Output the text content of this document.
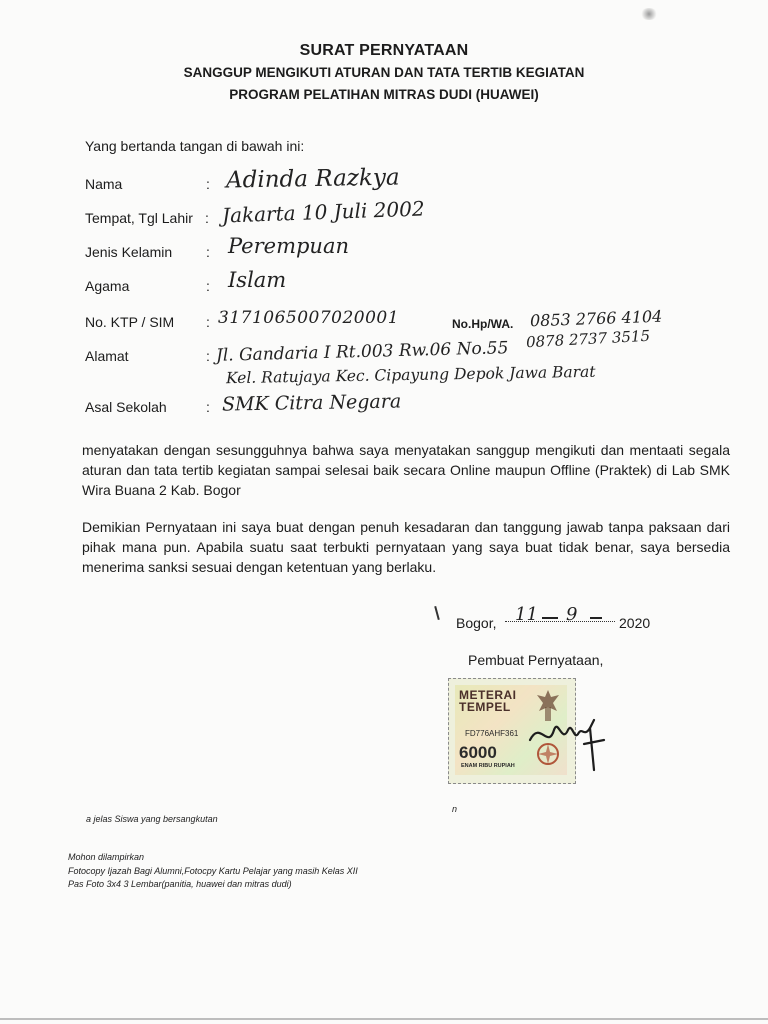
SURAT PERNYATAAN
SANGGUP MENGIKUTI ATURAN DAN TATA TERTIB KEGIATAN
PROGRAM PELATIHAN MITRAS DUDI (HUAWEI)
Yang bertanda tangan di bawah ini:
Nama	: Adinda Razkya
Tempat, Tgl Lahir : Jakarta 10 Juli 2002
Jenis Kelamin : Perempuan
Agama	: Islam
No. KTP / SIM : 3171065007020001	No.Hp/WA. 0853 2766 4104
0878 2737 3515
Alamat	: Jl. Gandaria I Rt.003 Rw.06 No.55
Kel. Ratujaya Kec. Cipayung Depok Jawa Barat
Asal Sekolah	: SMK Citra Negara
menyatakan dengan sesungguhnya bahwa saya menyatakan sanggup mengikuti dan mentaati segala aturan dan tata tertib kegiatan sampai selesai baik secara Online maupun Offline (Praktek) di Lab SMK Wira Buana 2 Kab. Bogor
Demikian Pernyataan ini saya buat dengan penuh kesadaran dan tanggung jawab tanpa paksaan dari pihak mana pun. Apabila suatu saat terbukti pernyataan yang saya buat tidak benar, saya bersedia menerima sanksi sesuai dengan ketentuan yang berlaku.
Bogor, 11 9	2020
Pembuat Pernyataan,
METERAI
TEMPEL
FD776AHF361
6000
ENAM RIBU RUPIAH
a jelas Siswa yang bersangkutan
n
Mohon dilampirkan
Fotocopy Ijazah Bagi Alumni,Fotocpy Kartu Pelajar yang masih Kelas XII
Pas Foto 3x4 3 Lembar(panitia, huawei dan mitras dudi)
